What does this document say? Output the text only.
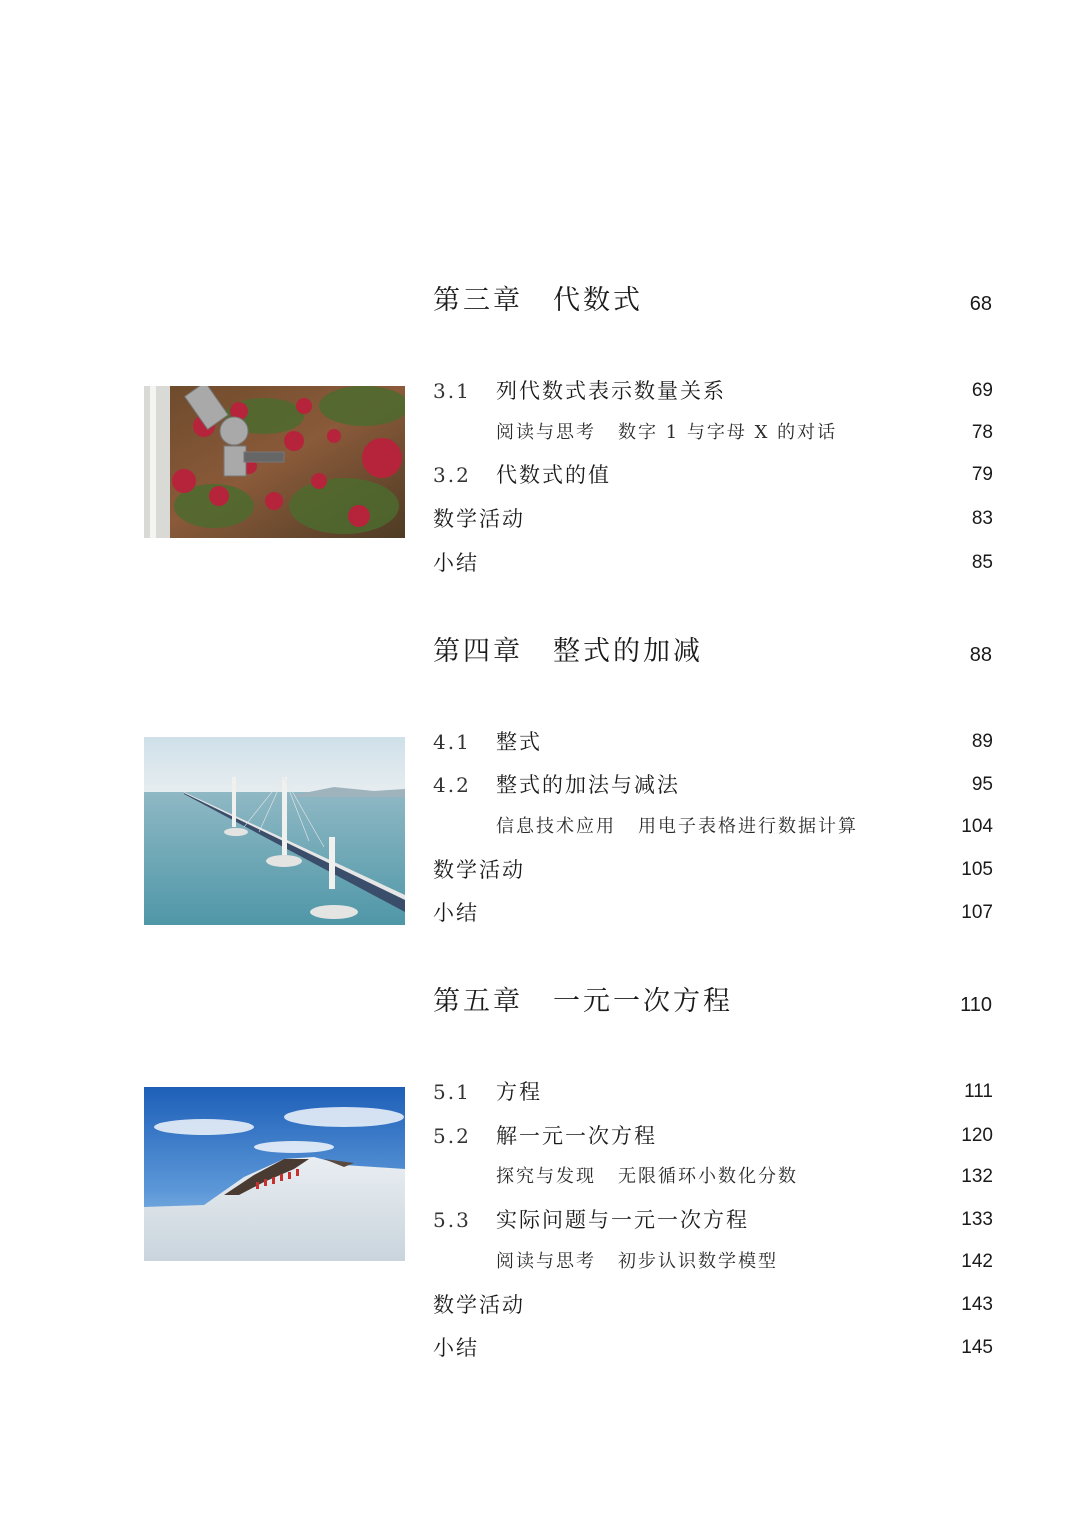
第三章 代数式	68
3.1 列代数式表示数量关系	69
阅读与思考 数字 1 与字母 X 的对话	78
3.2 代数式的值	79
数学活动	83
小结	85
第四章 整式的加减	88
4.1 整式	89
4.2 整式的加法与减法	95
信息技术应用 用电子表格进行数据计算	104
数学活动	105
小结	107
第五章 一元一次方程	110
5.1 方程	111
5.2 解一元一次方程	120
探究与发现 无限循环小数化分数	132
5.3 实际问题与一元一次方程	133
阅读与思考 初步认识数学模型	142
数学活动	143
小结	145
